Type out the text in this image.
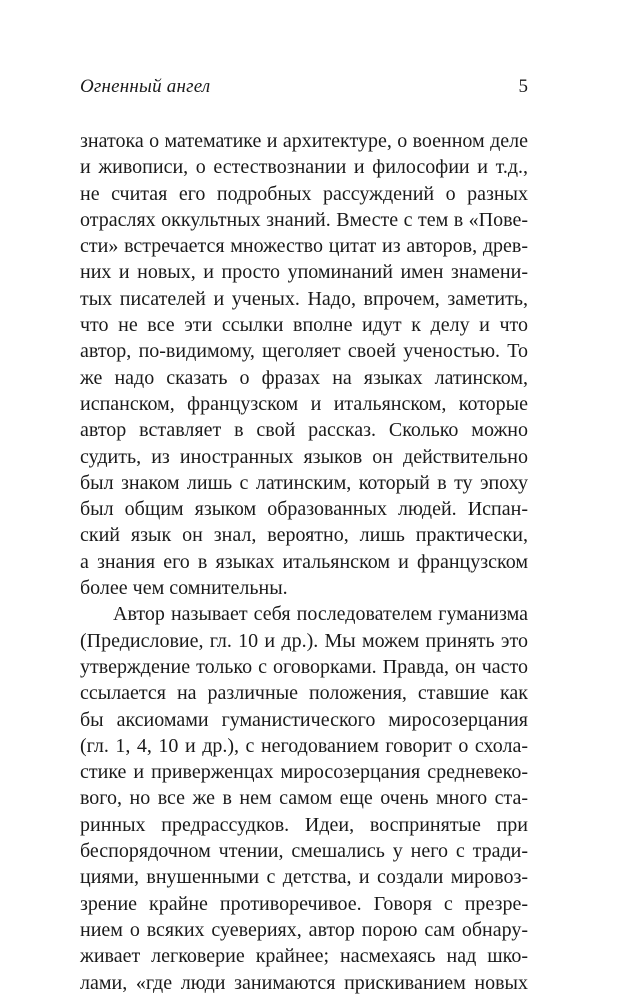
Огненный ангел	5
знатока о математике и архитектуре, о военном деле
и живописи, о естествознании и философии и т.д.,
не считая его подробных рассуждений о разных
отраслях оккультных знаний. Вместе с тем в «Пове-
сти» встречается множество цитат из авторов, древ-
них и новых, и просто упоминаний имен знамени-
тых писателей и ученых. Надо, впрочем, заметить,
что не все эти ссылки вполне идут к делу и что
автор, по-видимому, щеголяет своей ученостью. То
же надо сказать о фразах на языках латинском,
испанском, французском и итальянском, которые
автор вставляет в свой рассказ. Сколько можно
судить, из иностранных языков он действительно
был знаком лишь с латинским, который в ту эпоху
был общим языком образованных людей. Испан-
ский язык он знал, вероятно, лишь практически,
а знания его в языках итальянском и французском
более чем сомнительны.
Автор называет себя последователем гуманизма
(Предисловие, гл. 10 и др.). Мы можем принять это
утверждение только с оговорками. Правда, он часто
ссылается на различные положения, ставшие как
бы аксиомами гуманистического миросозерцания
(гл. 1, 4, 10 и др.), с негодованием говорит о схола-
стике и приверженцах миросозерцания средневеко-
вого, но все же в нем самом еще очень много ста-
ринных предрассудков. Идеи, воспринятые при
беспорядочном чтении, смешались у него с тради-
циями, внушенными с детства, и создали мировоз-
зрение крайне противоречивое. Говоря с презре-
нием о всяких суевериях, автор порою сам обнару-
живает легковерие крайнее; насмехаясь над шко-
лами, «где люди занимаются прискиванием новых
